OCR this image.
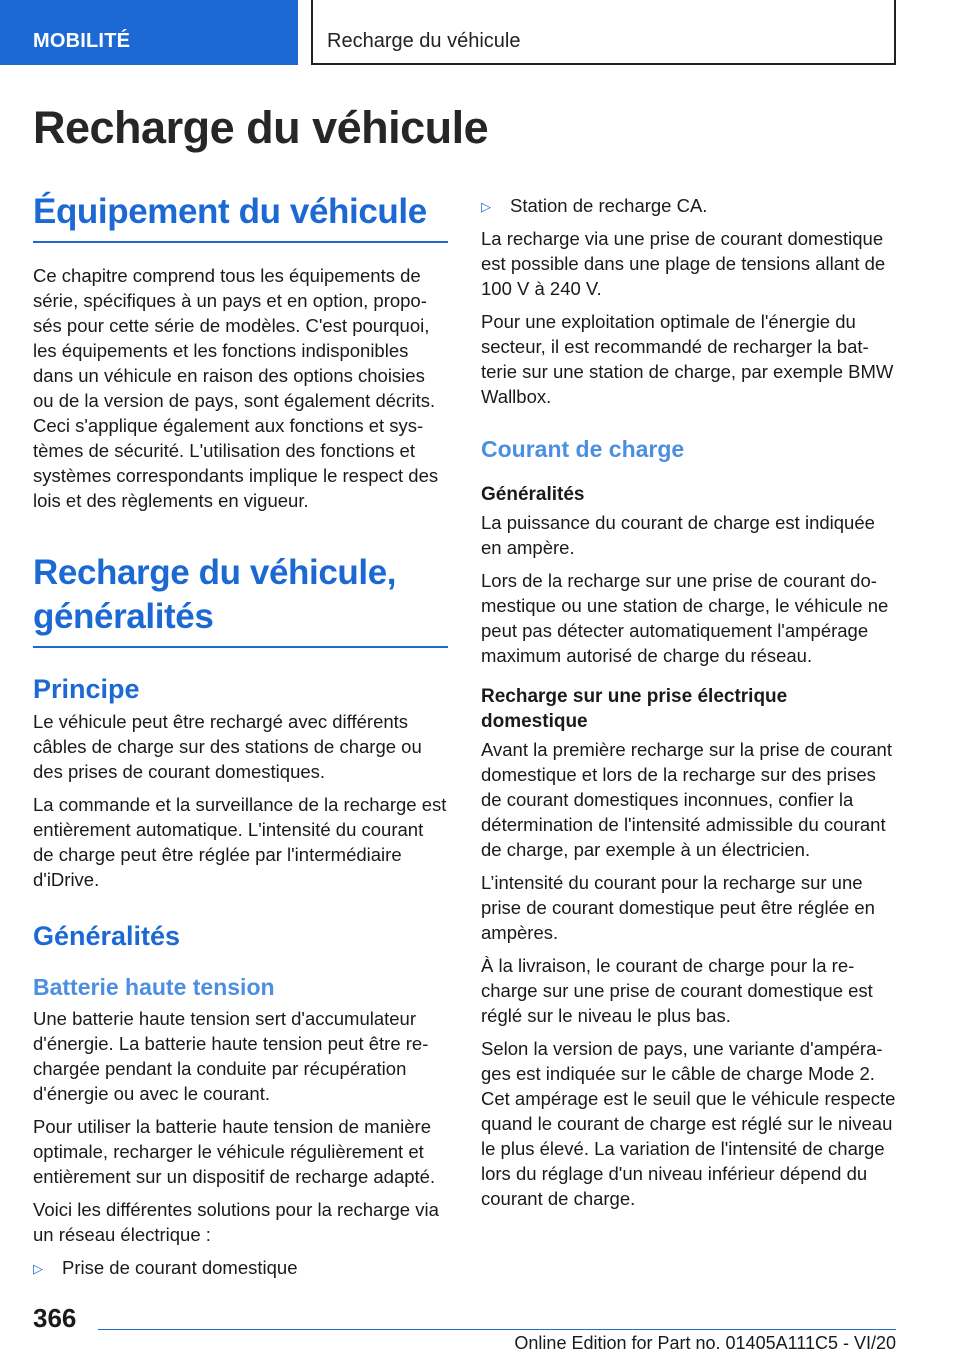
MOBILITÉ	Recharge du véhicule
Recharge du véhicule
Équipement du véhicule

Ce chapitre comprend tous les équipements de série, spécifiques à un pays et en option, proposés pour cette série de modèles. C'est pourquoi, les équipements et les fonctions indisponibles dans un véhicule en raison des options choisies ou de la version de pays, sont également décrits. Ceci s'applique également aux fonctions et systèmes de sécurité. L'utilisation des fonctions et systèmes correspondants implique le respect des lois et des règlements en vigueur.

Recharge du véhicule,
généralités
Principe

Le véhicule peut être rechargé avec différents câbles de charge sur des stations de charge ou des prises de courant domestiques.

La commande et la surveillance de la recharge est entièrement automatique. L'intensité du courant de charge peut être réglée par l'intermédiaire d'iDrive.

Généralités
Batterie haute tension

Une batterie haute tension sert d'accumulateur d'énergie. La batterie haute tension peut être rechargée pendant la conduite par récupération d'énergie ou avec le courant.

Pour utiliser la batterie haute tension de manière optimale, recharger le véhicule régulièrement et entièrement sur un dispositif de recharge adapté.

Voici les différentes solutions pour la recharge via un réseau électrique :

▷	Prise de courant domestique
▷	Station de recharge CA.

La recharge via une prise de courant domestique est possible dans une plage de tensions allant de 100 V à 240 V.

Pour une exploitation optimale de l'énergie du secteur, il est recommandé de recharger la batterie sur une station de charge, par exemple BMW Wallbox.

Courant de charge
Généralités

La puissance du courant de charge est indiquée en ampère.

Lors de la recharge sur une prise de courant domestique ou une station de charge, le véhicule ne peut pas détecter automatiquement l'ampérage maximum autorisé de charge du réseau.

Recharge sur une prise électrique domestique

Avant la première recharge sur la prise de courant domestique et lors de la recharge sur des prises de courant domestiques inconnues, confier la détermination de l'intensité admissible du courant de charge, par exemple à un électricien.

L’intensité du courant pour la recharge sur une prise de courant domestique peut être réglée en ampères.

À la livraison, le courant de charge pour la recharge sur une prise de courant domestique est réglé sur le niveau le plus bas.

Selon la version de pays, une variante d'ampérages est indiquée sur le câble de charge Mode 2. Cet ampérage est le seuil que le véhicule respecte quand le courant de charge est réglé sur le niveau le plus élevé. La variation de l'intensité de charge lors du réglage d'un niveau inférieur dépend du courant de charge.

366
Online Edition for Part no. 01405A111C5 - VI/20
